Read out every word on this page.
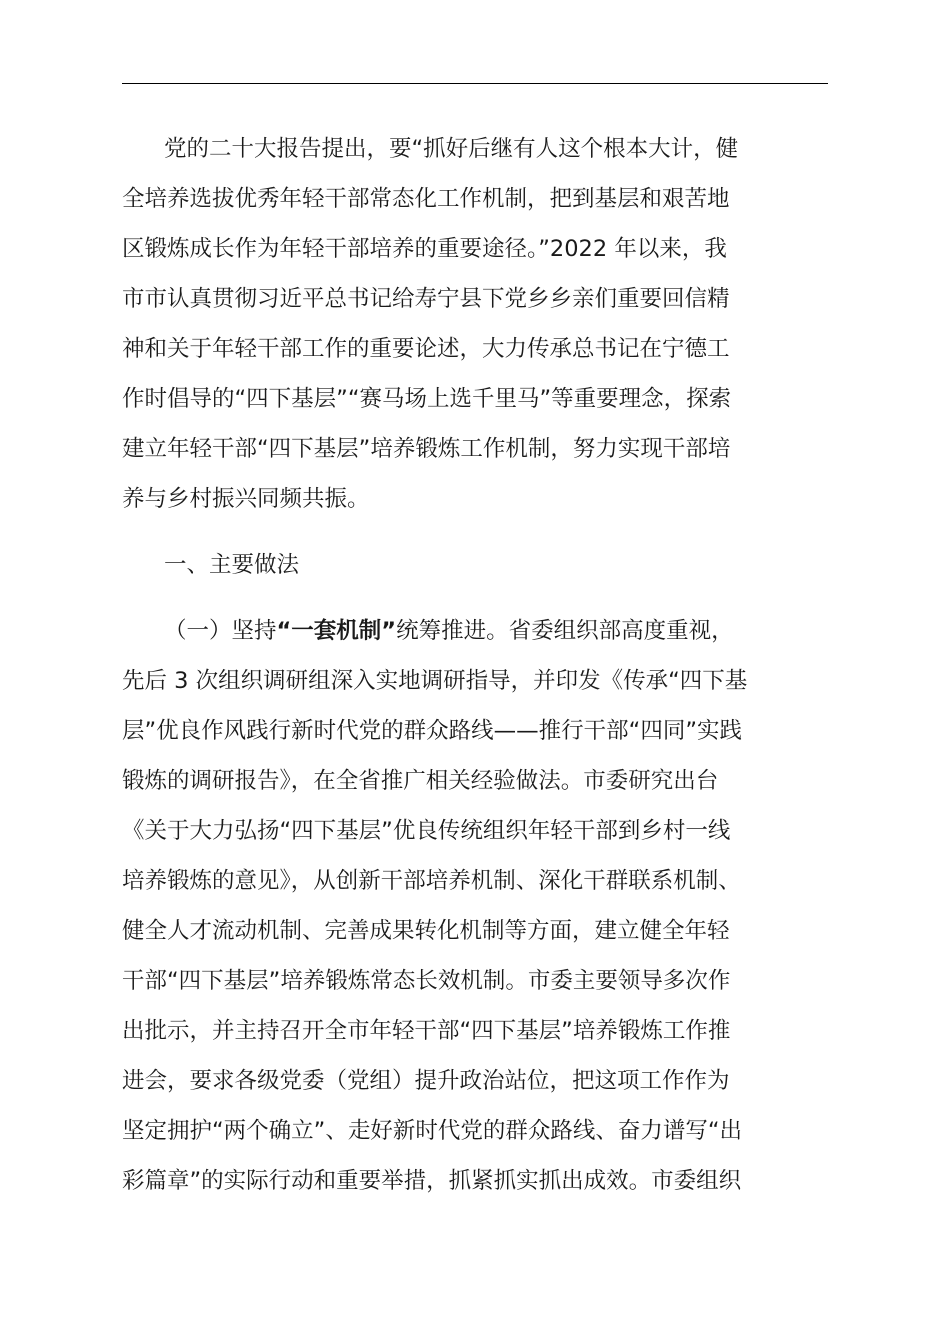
党的二十大报告提出，要“抓好后继有人这个根本大计，健
全培养选拔优秀年轻干部常态化工作机制，把到基层和艰苦地
区锻炼成长作为年轻干部培养的重要途径。”2022 年以来，我
市市认真贯彻习近平总书记给寿宁县下党乡乡亲们重要回信精
神和关于年轻干部工作的重要论述，大力传承总书记在宁德工
作时倡导的“四下基层”“赛马场上选千里马”等重要理念，探索
建立年轻干部“四下基层”培养锻炼工作机制，努力实现干部培
养与乡村振兴同频共振。
一、主要做法
（一）坚持“一套机制”统筹推进。省委组织部高度重视，
先后 3 次组织调研组深入实地调研指导，并印发《传承“四下基
层”优良作风践行新时代党的群众路线——推行干部“四同”实践
锻炼的调研报告》，在全省推广相关经验做法。市委研究出台
《关于大力弘扬“四下基层”优良传统组织年轻干部到乡村一线
培养锻炼的意见》，从创新干部培养机制、深化干群联系机制、
健全人才流动机制、完善成果转化机制等方面，建立健全年轻
干部“四下基层”培养锻炼常态长效机制。市委主要领导多次作
出批示，并主持召开全市年轻干部“四下基层”培养锻炼工作推
进会，要求各级党委（党组）提升政治站位，把这项工作作为
坚定拥护“两个确立”、走好新时代党的群众路线、奋力谱写“出
彩篇章”的实际行动和重要举措，抓紧抓实抓出成效。市委组织
